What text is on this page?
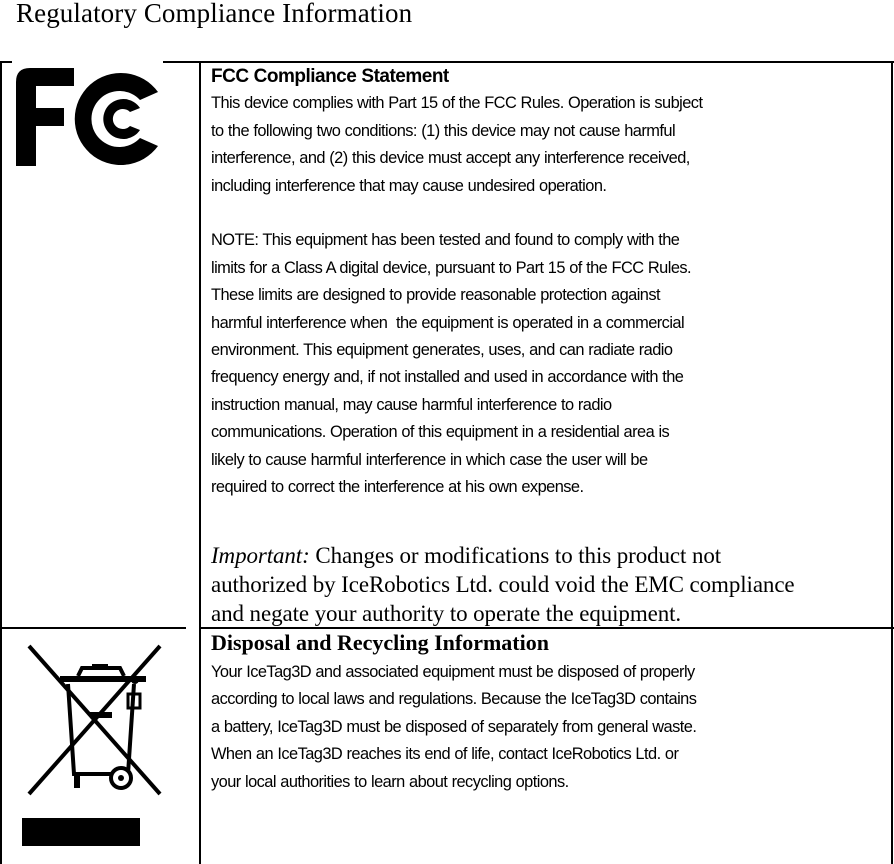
Regulatory Compliance Information

FCC Compliance Statement

This device complies with Part 15 of the FCC Rules. Operation is subject

to the following two conditions: (1) this device may not cause harmful

interference, and (2) this device must accept any interference received,

including interference that may cause undesired operation.

NOTE: This equipment has been tested and found to comply with the

limits for a Class A digital device, pursuant to Part 15 of the FCC Rules.

These limits are designed to provide reasonable protection against

harmful interference when  the equipment is operated in a commercial

environment. This equipment generates, uses, and can radiate radio

frequency energy and, if not installed and used in accordance with the

instruction manual, may cause harmful interference to radio

communications. Operation of this equipment in a residential area is

likely to cause harmful interference in which case the user will be

required to correct the interference at his own expense.

Important: Changes or modifications to this product not
authorized by IceRobotics Ltd. could void the EMC compliance
and negate your authority to operate the equipment.
Disposal and Recycling Information

Your IceTag3D and associated equipment must be disposed of properly

according to local laws and regulations. Because the IceTag3D contains

a battery, IceTag3D must be disposed of separately from general waste.

When an IceTag3D reaches its end of life, contact IceRobotics Ltd. or

your local authorities to learn about recycling options.
